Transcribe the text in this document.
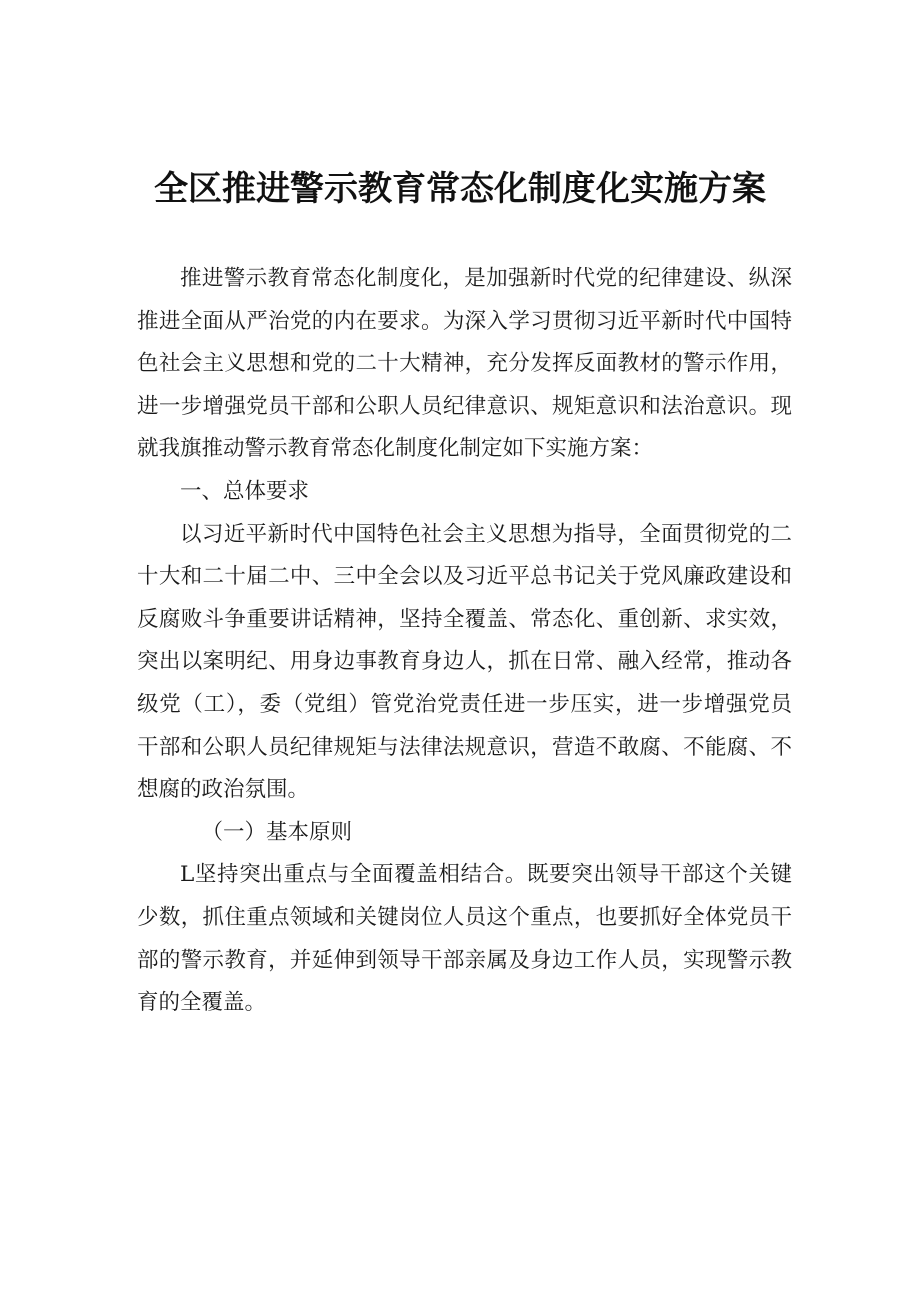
全区推进警示教育常态化制度化实施方案

推进警示教育常态化制度化，是加强新时代党的纪律建设、纵深推进全面从严治党的内在要求。为深入学习贯彻习近平新时代中国特色社会主义思想和党的二十大精神，充分发挥反面教材的警示作用，进一步增强党员干部和公职人员纪律意识、规矩意识和法治意识。现就我旗推动警示教育常态化制度化制定如下实施方案：

一、总体要求

以习近平新时代中国特色社会主义思想为指导，全面贯彻党的二十大和二十届二中、三中全会以及习近平总书记关于党风廉政建设和反腐败斗争重要讲话精神，坚持全覆盖、常态化、重创新、求实效，突出以案明纪、用身边事教育身边人，抓在日常、融入经常，推动各级党（工），委（党组）管党治党责任进一步压实，进一步增强党员干部和公职人员纪律规矩与法律法规意识，营造不敢腐、不能腐、不想腐的政治氛围。

（一）基本原则

L坚持突出重点与全面覆盖相结合。既要突出领导干部这个关键少数，抓住重点领域和关键岗位人员这个重点，也要抓好全体党员干部的警示教育，并延伸到领导干部亲属及身边工作人员，实现警示教育的全覆盖。
